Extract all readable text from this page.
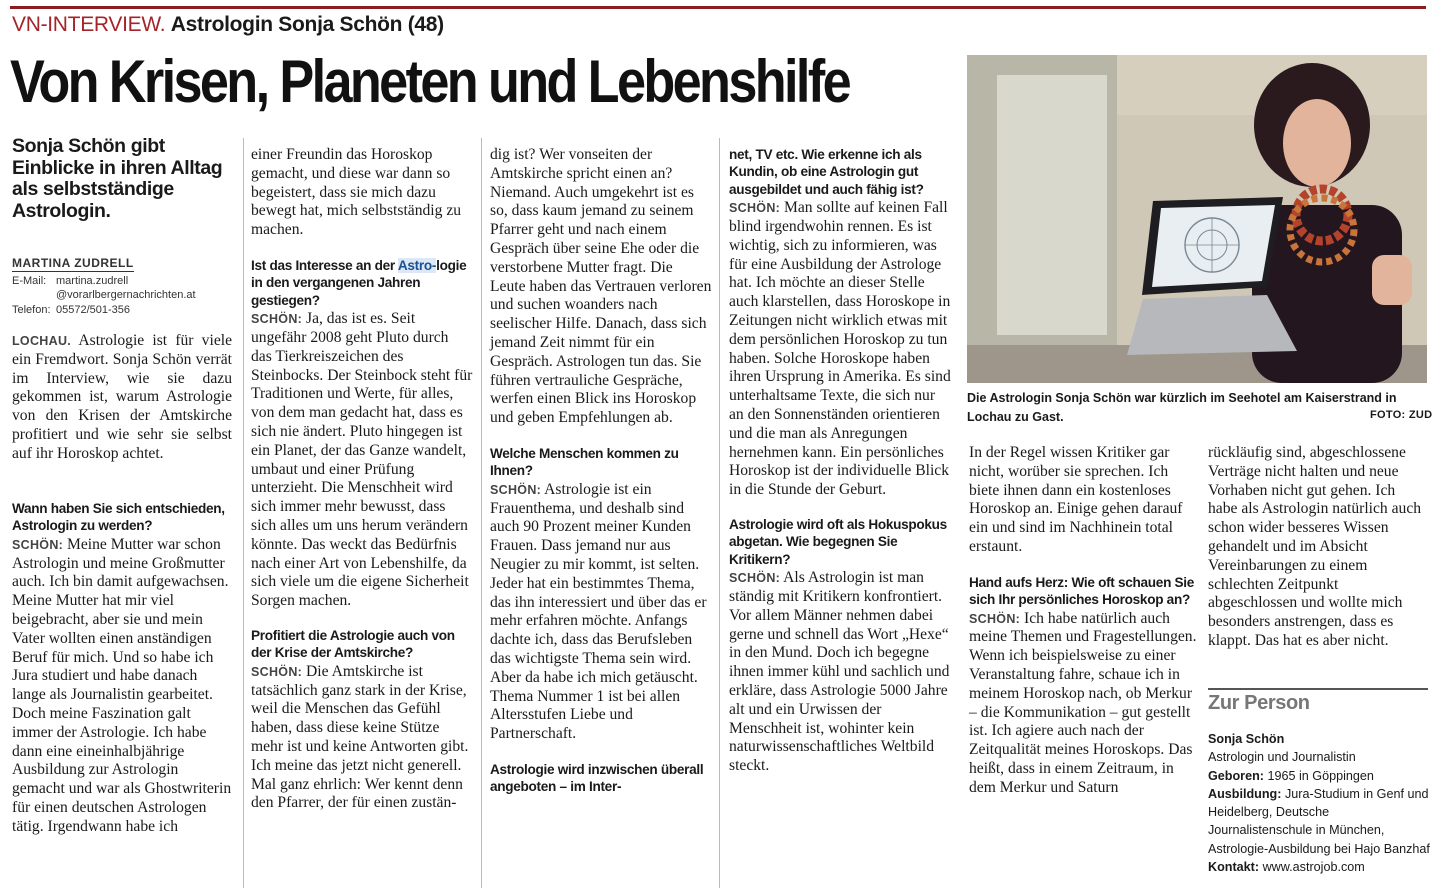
VN-INTERVIEW. Astrologin Sonja Schön (48)
Von Krisen, Planeten und Lebenshilfe
Sonja Schön gibt Einblicke in ihren Alltag als selbstständige Astrologin.
MARTINA ZUDRELL
E-Mail: martina.zudrell
@vorarlbergernachrichten.at
Telefon: 05572/501-356

LOCHAU. Astrologie ist für viele ein Fremdwort. Sonja Schön verrät im Interview, wie sie dazu gekommen ist, warum Astrologie von den Krisen der Amtskirche profitiert und wie sehr sie selbst auf ihr Horoskop achtet.

Wann haben Sie sich entschieden, Astrologin zu werden?

SCHÖN: Meine Mutter war schon Astrologin und meine Großmutter auch. Ich bin damit aufgewachsen. Meine Mutter hat mir viel beigebracht, aber sie und mein Vater wollten einen anständigen Beruf für mich. Und so habe ich Jura studiert und habe danach lange als Journalistin gearbeitet. Doch meine Faszination galt immer der Astrologie. Ich habe dann eine eineinhalbjährige Ausbildung zur Astrologin gemacht und war als Ghostwriterin für einen deutschen Astrologen tätig. Irgendwann habe ich

einer Freundin das Horoskop gemacht, und diese war dann so begeistert, dass sie mich dazu bewegt hat, mich selbstständig zu machen.

Ist das Interesse an der Astro-logie in den vergangenen Jahren gestiegen?

SCHÖN: Ja, das ist es. Seit ungefähr 2008 geht Pluto durch das Tierkreiszeichen des Steinbocks. Der Steinbock steht für Traditionen und Werte, für alles, von dem man gedacht hat, dass es sich nie ändert. Pluto hingegen ist ein Planet, der das Ganze wandelt, umbaut und einer Prüfung unterzieht. Die Menschheit wird sich immer mehr bewusst, dass sich alles um uns herum verändern könnte. Das weckt das Bedürfnis nach einer Art von Lebenshilfe, da sich viele um die eigene Sicherheit Sorgen machen.

Profitiert die Astrologie auch von der Krise der Amtskirche?

SCHÖN: Die Amtskirche ist tatsächlich ganz stark in der Krise, weil die Menschen das Gefühl haben, dass diese keine Stütze mehr ist und keine Antworten gibt. Ich meine das jetzt nicht generell. Mal ganz ehrlich: Wer kennt denn den Pfarrer, der für einen zustän-

dig ist? Wer vonseiten der Amtskirche spricht einen an? Niemand. Auch umgekehrt ist es so, dass kaum jemand zu seinem Pfarrer geht und nach einem Gespräch über seine Ehe oder die verstorbene Mutter fragt. Die Leute haben das Vertrauen verloren und suchen woanders nach seelischer Hilfe. Danach, dass sich jemand Zeit nimmt für ein Gespräch. Astrologen tun das. Sie führen vertrauliche Gespräche, werfen einen Blick ins Horoskop und geben Empfehlungen ab.

Welche Menschen kommen zu Ihnen?

SCHÖN: Astrologie ist ein Frauenthema, und deshalb sind auch 90 Prozent meiner Kunden Frauen. Dass jemand nur aus Neugier zu mir kommt, ist selten. Jeder hat ein bestimmtes Thema, das ihn interessiert und über das er mehr erfahren möchte. Anfangs dachte ich, dass das Berufsleben das wichtigste Thema sein wird. Aber da habe ich mich getäuscht. Thema Nummer 1 ist bei allen Altersstufen Liebe und Partnerschaft.

Astrologie wird inzwischen überall angeboten – im Inter-

net, TV etc. Wie erkenne ich als Kundin, ob eine Astrologin gut ausgebildet und auch fähig ist?

SCHÖN: Man sollte auf keinen Fall blind irgendwohin rennen. Es ist wichtig, sich zu informieren, was für eine Ausbildung der Astrologe hat. Ich möchte an dieser Stelle auch klarstellen, dass Horoskope in Zeitungen nicht wirklich etwas mit dem persönlichen Horoskop zu tun haben. Solche Horoskope haben ihren Ursprung in Amerika. Es sind unterhaltsame Texte, die sich nur an den Sonnenständen orientieren und die man als Anregungen hernehmen kann. Ein persönliches Horoskop ist der individuelle Blick in die Stunde der Geburt.

Astrologie wird oft als Hokuspokus abgetan. Wie begegnen Sie Kritikern?

SCHÖN: Als Astrologin ist man ständig mit Kritikern konfrontiert. Vor allem Männer nehmen dabei gerne und schnell das Wort „Hexe“ in den Mund. Doch ich begegne ihnen immer kühl und sachlich und erkläre, dass Astrologie 5000 Jahre alt und ein Urwissen der Menschheit ist, wohinter kein naturwissenschaftliches Weltbild steckt.

Die Astrologin Sonja Schön war kürzlich im Seehotel am Kaiserstrand in Lochau zu Gast.	FOTO: ZUD

In der Regel wissen Kritiker gar nicht, worüber sie sprechen. Ich biete ihnen dann ein kostenloses Horoskop an. Einige gehen darauf ein und sind im Nachhinein total erstaunt.

Hand aufs Herz: Wie oft schauen Sie sich Ihr persönliches Horoskop an?

SCHÖN: Ich habe natürlich auch meine Themen und Fragestellungen. Wenn ich beispielsweise zu einer Veranstaltung fahre, schaue ich in meinem Horoskop nach, ob Merkur – die Kommunikation – gut gestellt ist. Ich agiere auch nach der Zeitqualität meines Horoskops. Das heißt, dass in einem Zeitraum, in dem Merkur und Saturn

rückläufig sind, abgeschlossene Verträge nicht halten und neue Vorhaben nicht gut gehen. Ich habe als Astrologin natürlich auch schon wider besseres Wissen gehandelt und im Absicht Vereinbarungen zu einem schlechten Zeitpunkt abgeschlossen und wollte mich besonders anstrengen, dass es klappt. Das hat es aber nicht.

Zur Person
Sonja Schön
Astrologin und Journalistin
Geboren: 1965 in Göppingen
Ausbildung: Jura-Studium in Genf und Heidelberg, Deutsche Journalistenschule in München, Astrologie-Ausbildung bei Hajo Banzhaf
Kontakt: www.astrojob.com
